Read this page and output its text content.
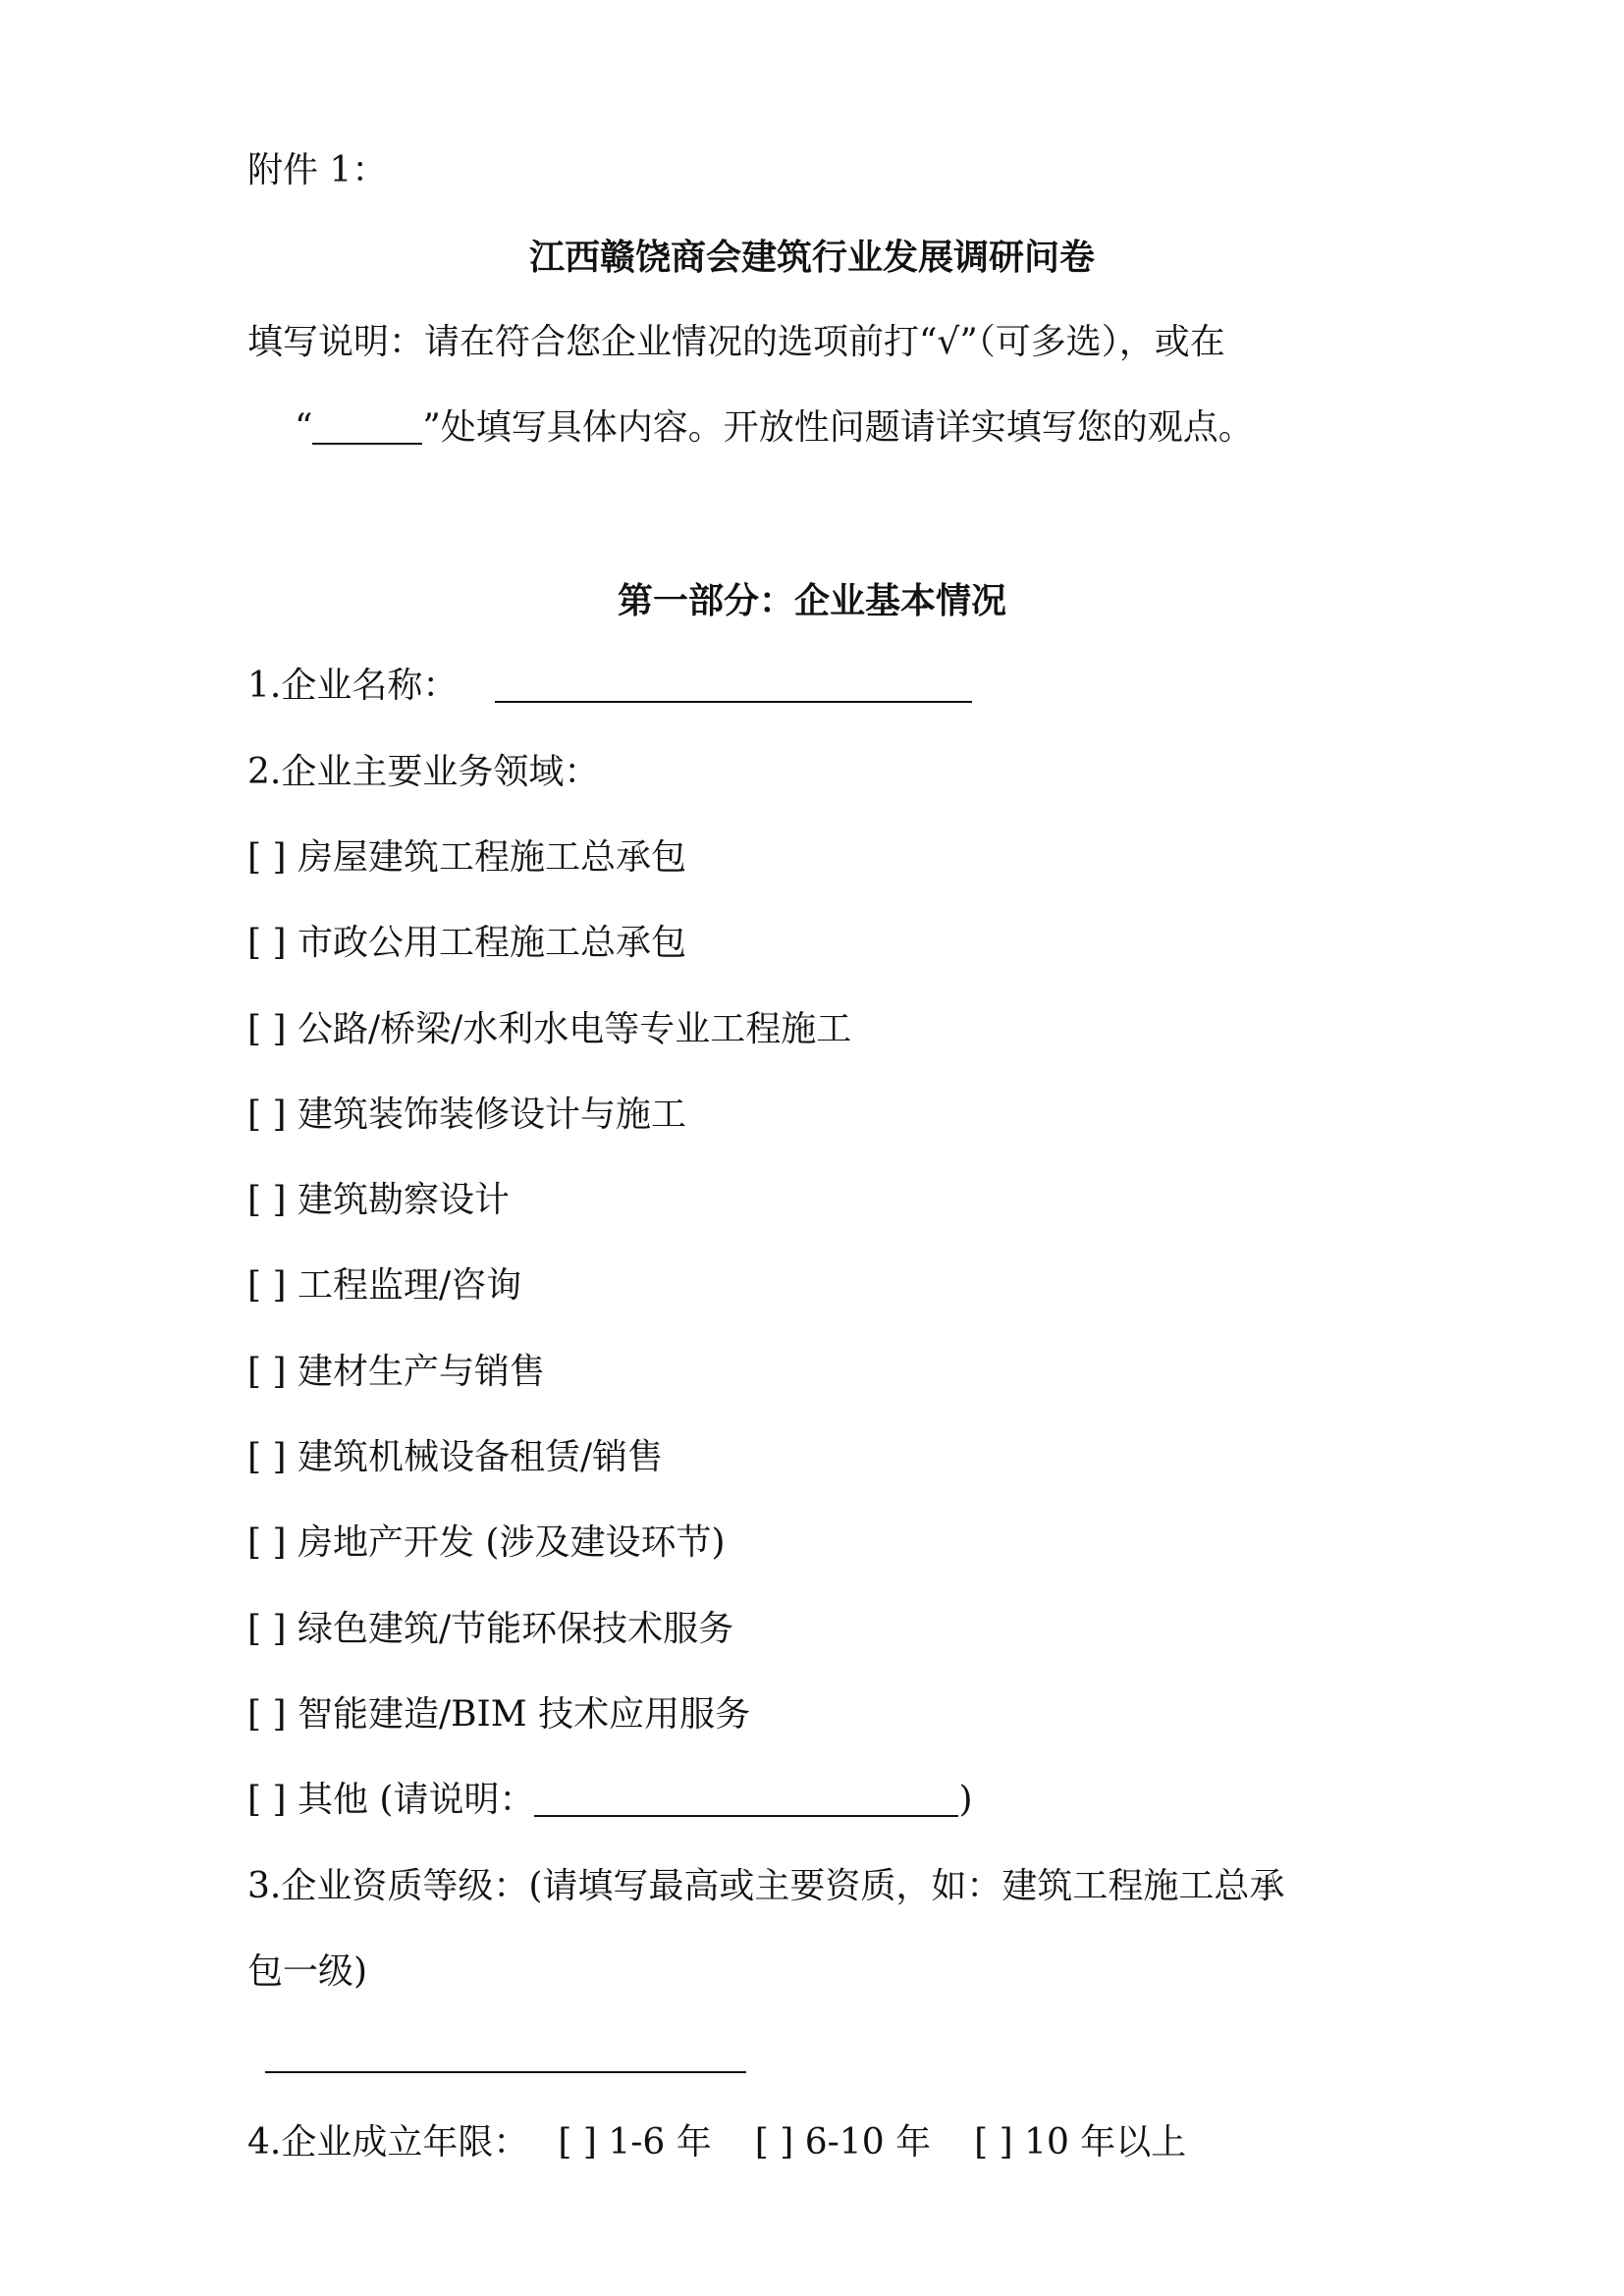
附件 1：
江西赣饶商会建筑行业发展调研问卷
填写说明：请在符合您企业情况的选项前打“√”（可多选），或在
“	”处填写具体内容。开放性问题请详实填写您的观点。
第一部分：企业基本情况
1.企业名称：
2.企业主要业务领域：
[ ] 房屋建筑工程施工总承包
[ ] 市政公用工程施工总承包
[ ] 公路/桥梁/水利水电等专业工程施工
[ ] 建筑装饰装修设计与施工
[ ] 建筑勘察设计
[ ] 工程监理/咨询
[ ] 建材生产与销售
[ ] 建筑机械设备租赁/销售
[ ] 房地产开发 (涉及建设环节)
[ ] 绿色建筑/节能环保技术服务
[ ] 智能建造/BIM 技术应用服务
[ ] 其他 (请说明：	)
3.企业资质等级：(请填写最高或主要资质，如：建筑工程施工总承
包一级)
4.企业成立年限： [ ] 1-6 年 [ ] 6-10 年 [ ] 10 年以上
